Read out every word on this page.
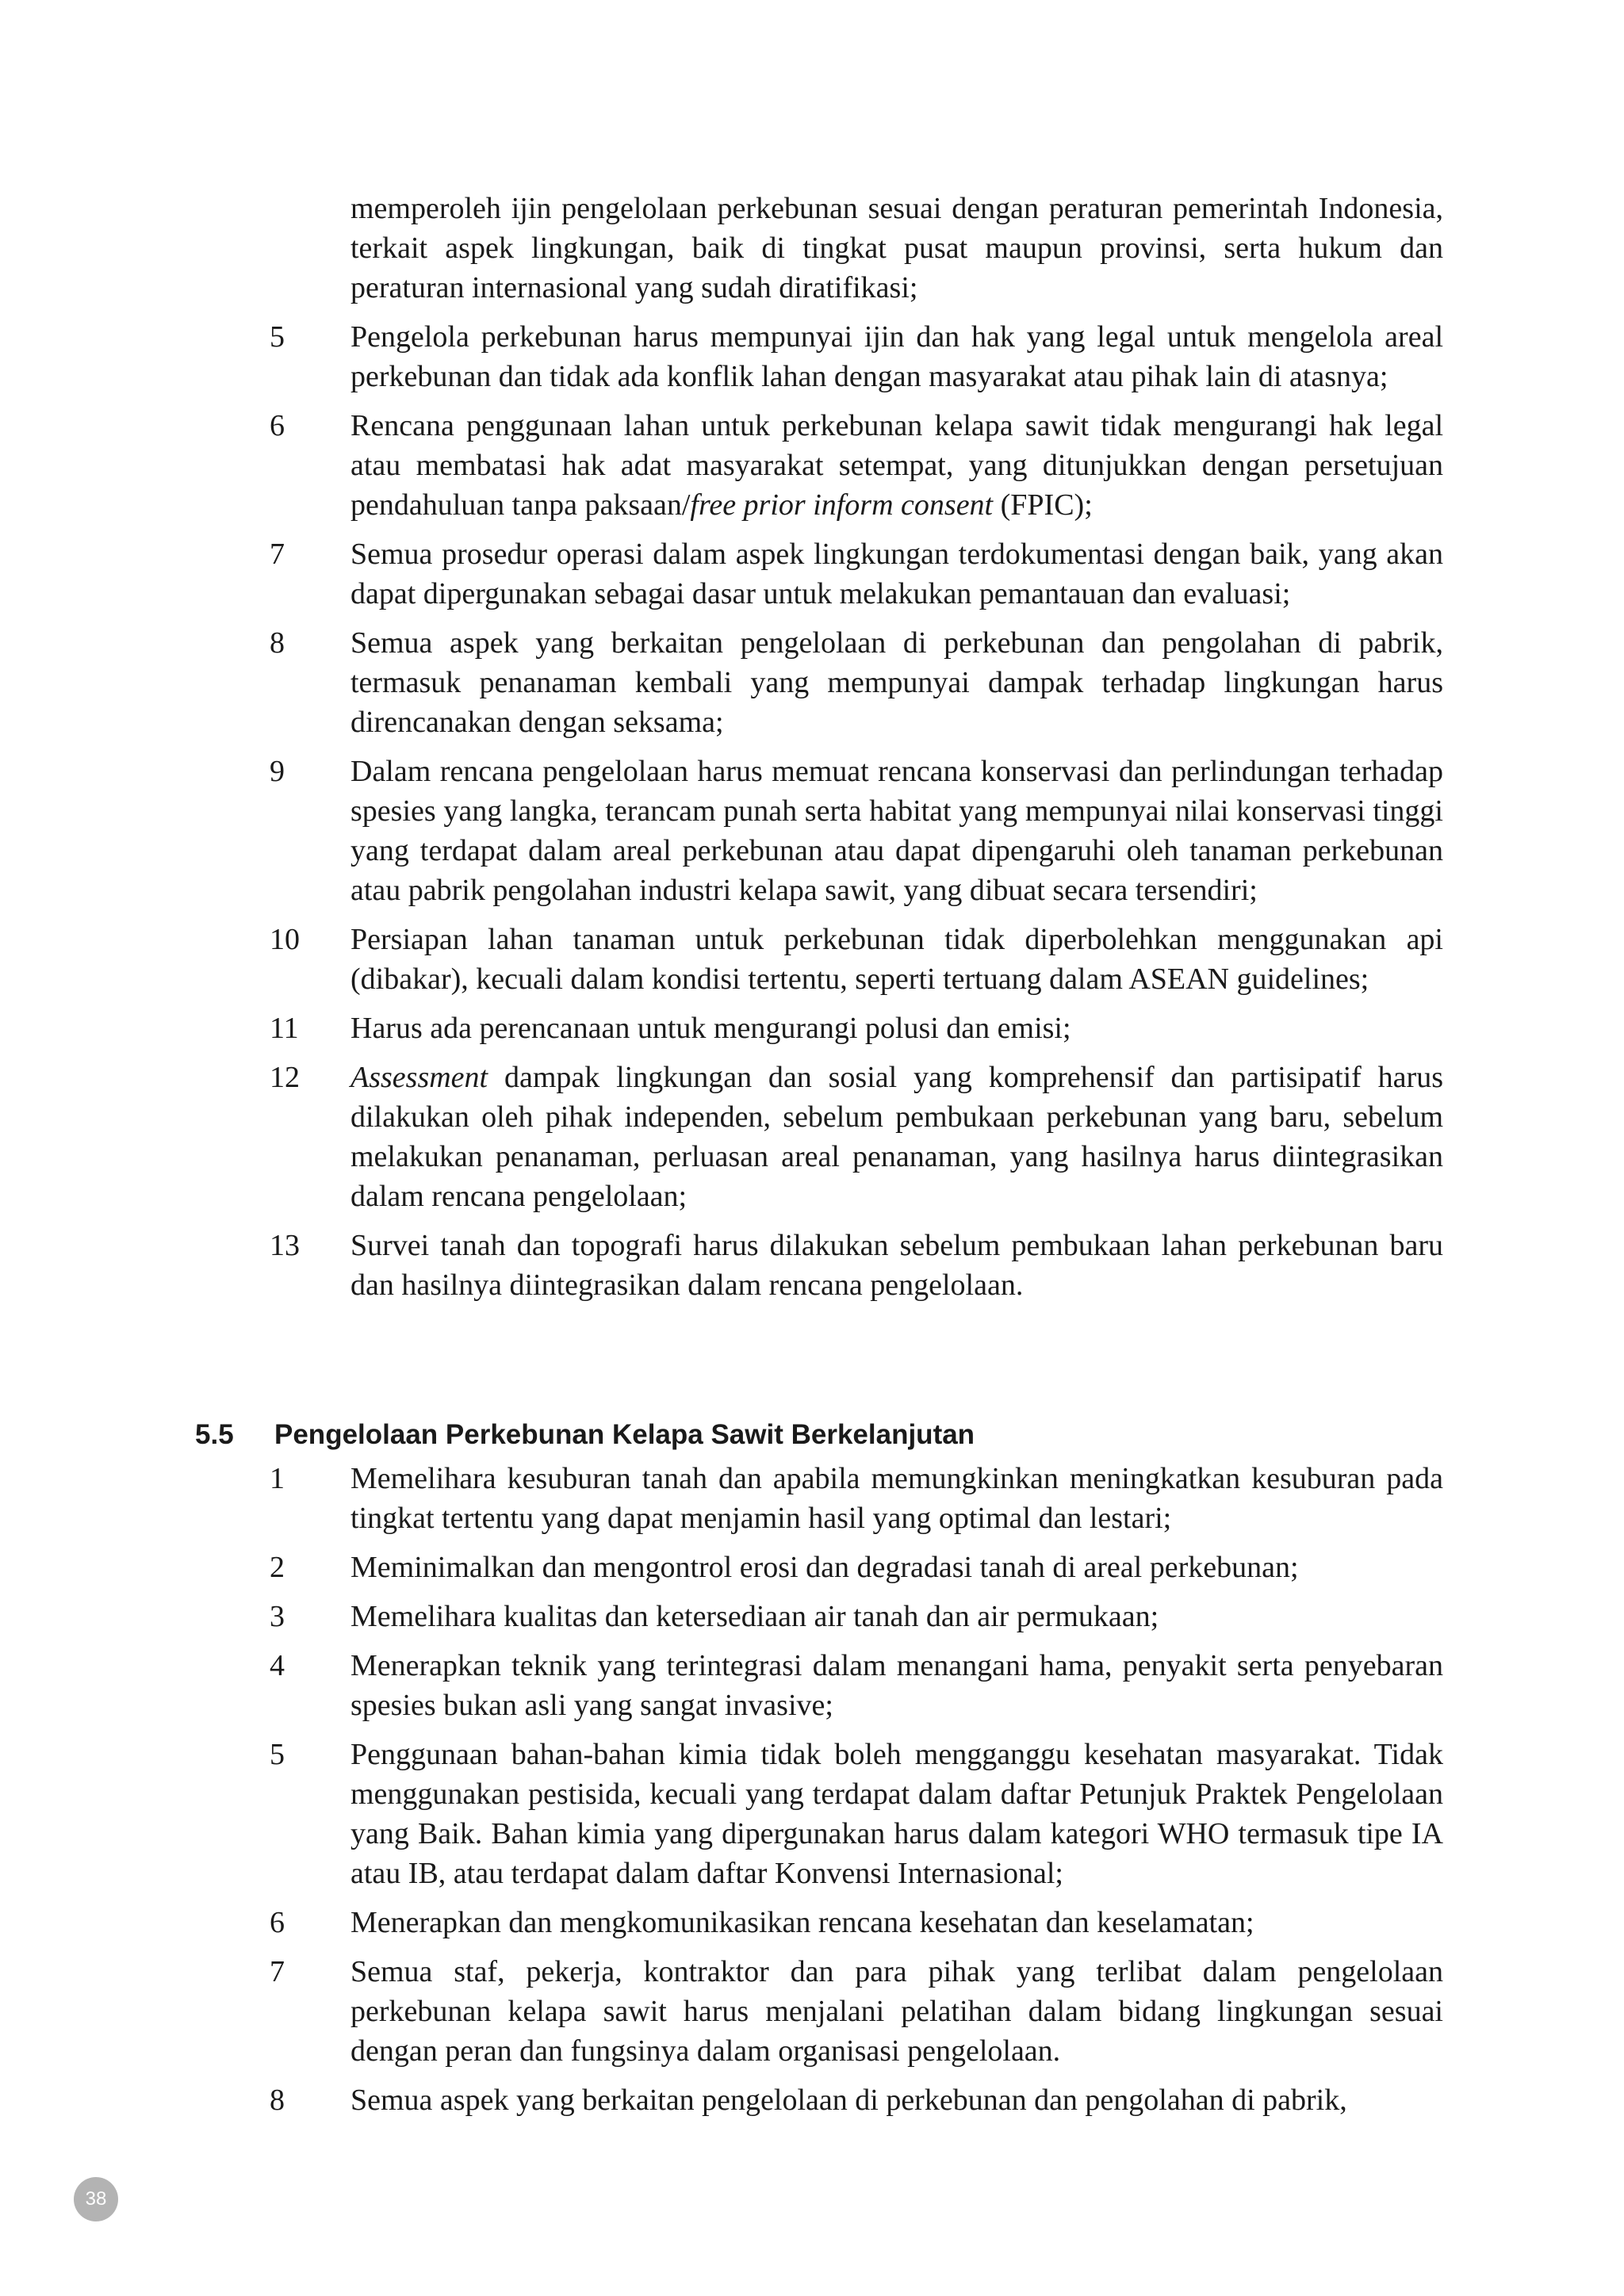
memperoleh ijin pengelolaan perkebunan sesuai dengan peraturan pemerintah Indonesia, terkait aspek lingkungan, baik di tingkat pusat maupun provinsi, serta hukum dan peraturan internasional yang sudah diratifikasi;
5	Pengelola perkebunan harus mempunyai ijin dan hak yang legal untuk mengelola areal perkebunan dan tidak ada konflik lahan dengan masyarakat atau pihak lain di atasnya;
6	Rencana penggunaan lahan untuk perkebunan kelapa sawit tidak mengurangi hak legal atau membatasi hak adat masyarakat setempat, yang ditunjukkan dengan persetujuan pendahuluan tanpa paksaan/free prior inform consent (FPIC);
7	Semua prosedur operasi dalam aspek lingkungan terdokumentasi dengan baik, yang akan dapat dipergunakan sebagai dasar untuk melakukan pemantauan dan evaluasi;
8	Semua aspek yang berkaitan pengelolaan di perkebunan dan pengolahan di pabrik, termasuk penanaman kembali yang mempunyai dampak terhadap lingkungan harus direncanakan dengan seksama;
9	Dalam rencana pengelolaan harus memuat rencana konservasi dan perlindungan terhadap spesies yang langka, terancam punah serta habitat yang mempunyai nilai konservasi tinggi yang terdapat dalam areal perkebunan atau dapat dipengaruhi oleh tanaman perkebunan atau pabrik pengolahan industri kelapa sawit, yang dibuat secara tersendiri;
10	Persiapan lahan tanaman untuk perkebunan tidak diperbolehkan menggunakan api (dibakar), kecuali dalam kondisi tertentu, seperti tertuang dalam ASEAN guidelines;
11	Harus ada perencanaan untuk mengurangi polusi dan emisi;
12	Assessment dampak lingkungan dan sosial yang komprehensif dan partisipatif harus dilakukan oleh pihak independen, sebelum pembukaan perkebunan yang baru, sebelum melakukan penanaman, perluasan areal penanaman, yang hasilnya harus diintegrasikan dalam rencana pengelolaan;
13	Survei tanah dan topografi harus dilakukan sebelum pembukaan lahan perkebunan baru dan hasilnya diintegrasikan dalam rencana pengelolaan.
5.5 Pengelolaan Perkebunan Kelapa Sawit Berkelanjutan
1	Memelihara kesuburan tanah dan apabila memungkinkan meningkatkan kesuburan pada tingkat tertentu yang dapat menjamin hasil yang optimal dan lestari;
2	Meminimalkan dan mengontrol erosi dan degradasi tanah di areal perkebunan;
3	Memelihara kualitas dan ketersediaan air tanah dan air permukaan;
4	Menerapkan teknik yang terintegrasi dalam menangani hama, penyakit serta penyebaran spesies bukan asli yang sangat invasive;
5	Penggunaan bahan-bahan kimia tidak boleh mengganggu kesehatan masyarakat. Tidak menggunakan pestisida, kecuali yang terdapat dalam daftar Petunjuk Praktek Pengelolaan yang Baik. Bahan kimia yang dipergunakan harus dalam kategori WHO termasuk tipe IA atau IB, atau terdapat dalam daftar Konvensi Internasional;
6	Menerapkan dan mengkomunikasikan rencana kesehatan dan keselamatan;
7	Semua staf, pekerja, kontraktor dan para pihak yang terlibat dalam pengelolaan perkebunan kelapa sawit harus menjalani pelatihan dalam bidang lingkungan sesuai dengan peran dan fungsinya dalam organisasi pengelolaan.
8	Semua aspek yang berkaitan pengelolaan di perkebunan dan pengolahan di pabrik,
38
